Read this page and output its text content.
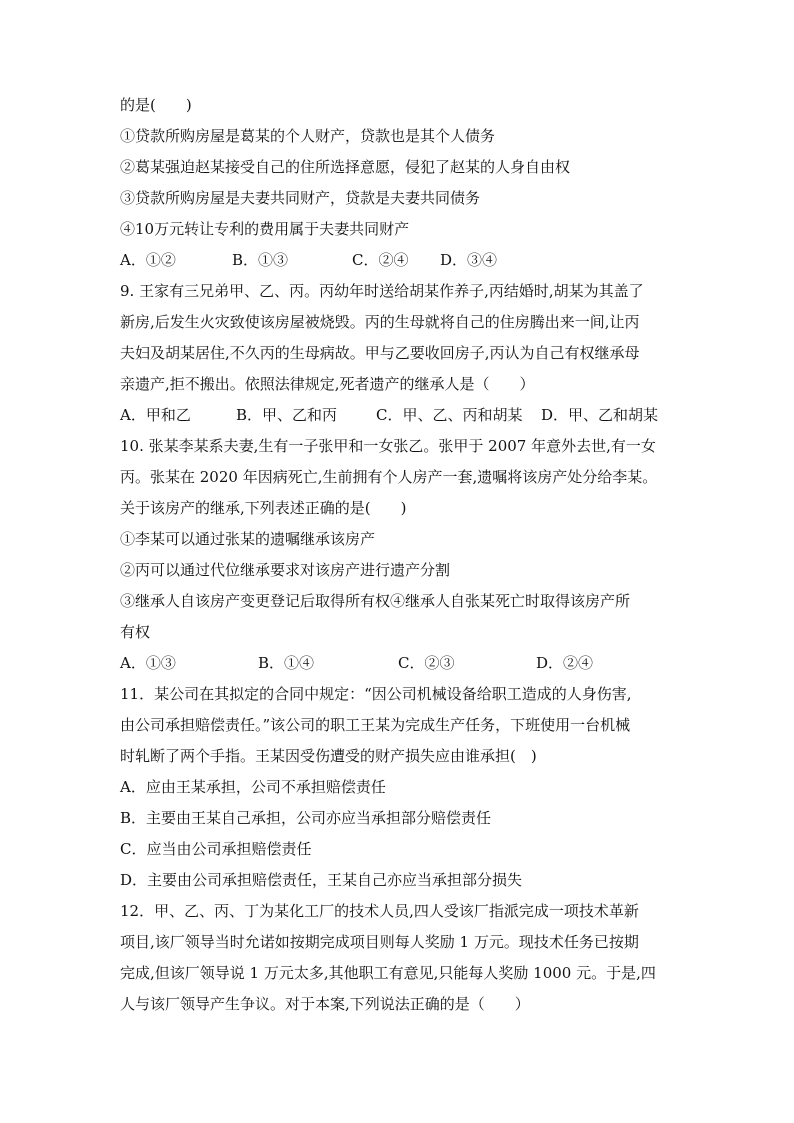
的是(　　)
①贷款所购房屋是葛某的个人财产，贷款也是其个人债务
②葛某强迫赵某接受自己的住所选择意愿，侵犯了赵某的人身自由权
③贷款所购房屋是夫妻共同财产，贷款是夫妻共同债务
④10万元转让专利的费用属于夫妻共同财产
A．①②	B．①③	C．②④	D．③④
9. 王家有三兄弟甲、乙、丙。丙幼年时送给胡某作养子,丙结婚时,胡某为其盖了
新房,后发生火灾致使该房屋被烧毁。丙的生母就将自己的住房腾出来一间,让丙
夫妇及胡某居住,不久丙的生母病故。甲与乙要收回房子,丙认为自己有权继承母
亲遗产,拒不搬出。依照法律规定,死者遗产的继承人是（　　）
A．甲和乙	B．甲、乙和丙	C．甲、乙、丙和胡某	D．甲、乙和胡某
10. 张某李某系夫妻,生有一子张甲和一女张乙。张甲于 2007 年意外去世,有一女
丙。张某在 2020 年因病死亡,生前拥有个人房产一套,遗嘱将该房产处分给李某。
关于该房产的继承,下列表述正确的是(　　)
①李某可以通过张某的遗嘱继承该房产
②丙可以通过代位继承要求对该房产进行遗产分割
③继承人自该房产变更登记后取得所有权④继承人自张某死亡时取得该房产所
有权
A．①③	B．①④	C．②③	D．②④
11．某公司在其拟定的合同中规定：“因公司机械设备给职工造成的人身伤害,
由公司承担赔偿责任。”该公司的职工王某为完成生产任务，下班使用一台机械
时轧断了两个手指。王某因受伤遭受的财产损失应由谁承担(　)
A．应由王某承担，公司不承担赔偿责任
B．主要由王某自己承担，公司亦应当承担部分赔偿责任
C．应当由公司承担赔偿责任
D．主要由公司承担赔偿责任，王某自己亦应当承担部分损失
12．甲、乙、丙、丁为某化工厂的技术人员,四人受该厂指派完成一项技术革新
项目,该厂领导当时允诺如按期完成项目则每人奖励 1 万元。现技术任务已按期
完成,但该厂领导说 1 万元太多,其他职工有意见,只能每人奖励 1000 元。于是,四
人与该厂领导产生争议。对于本案,下列说法正确的是（　　）
